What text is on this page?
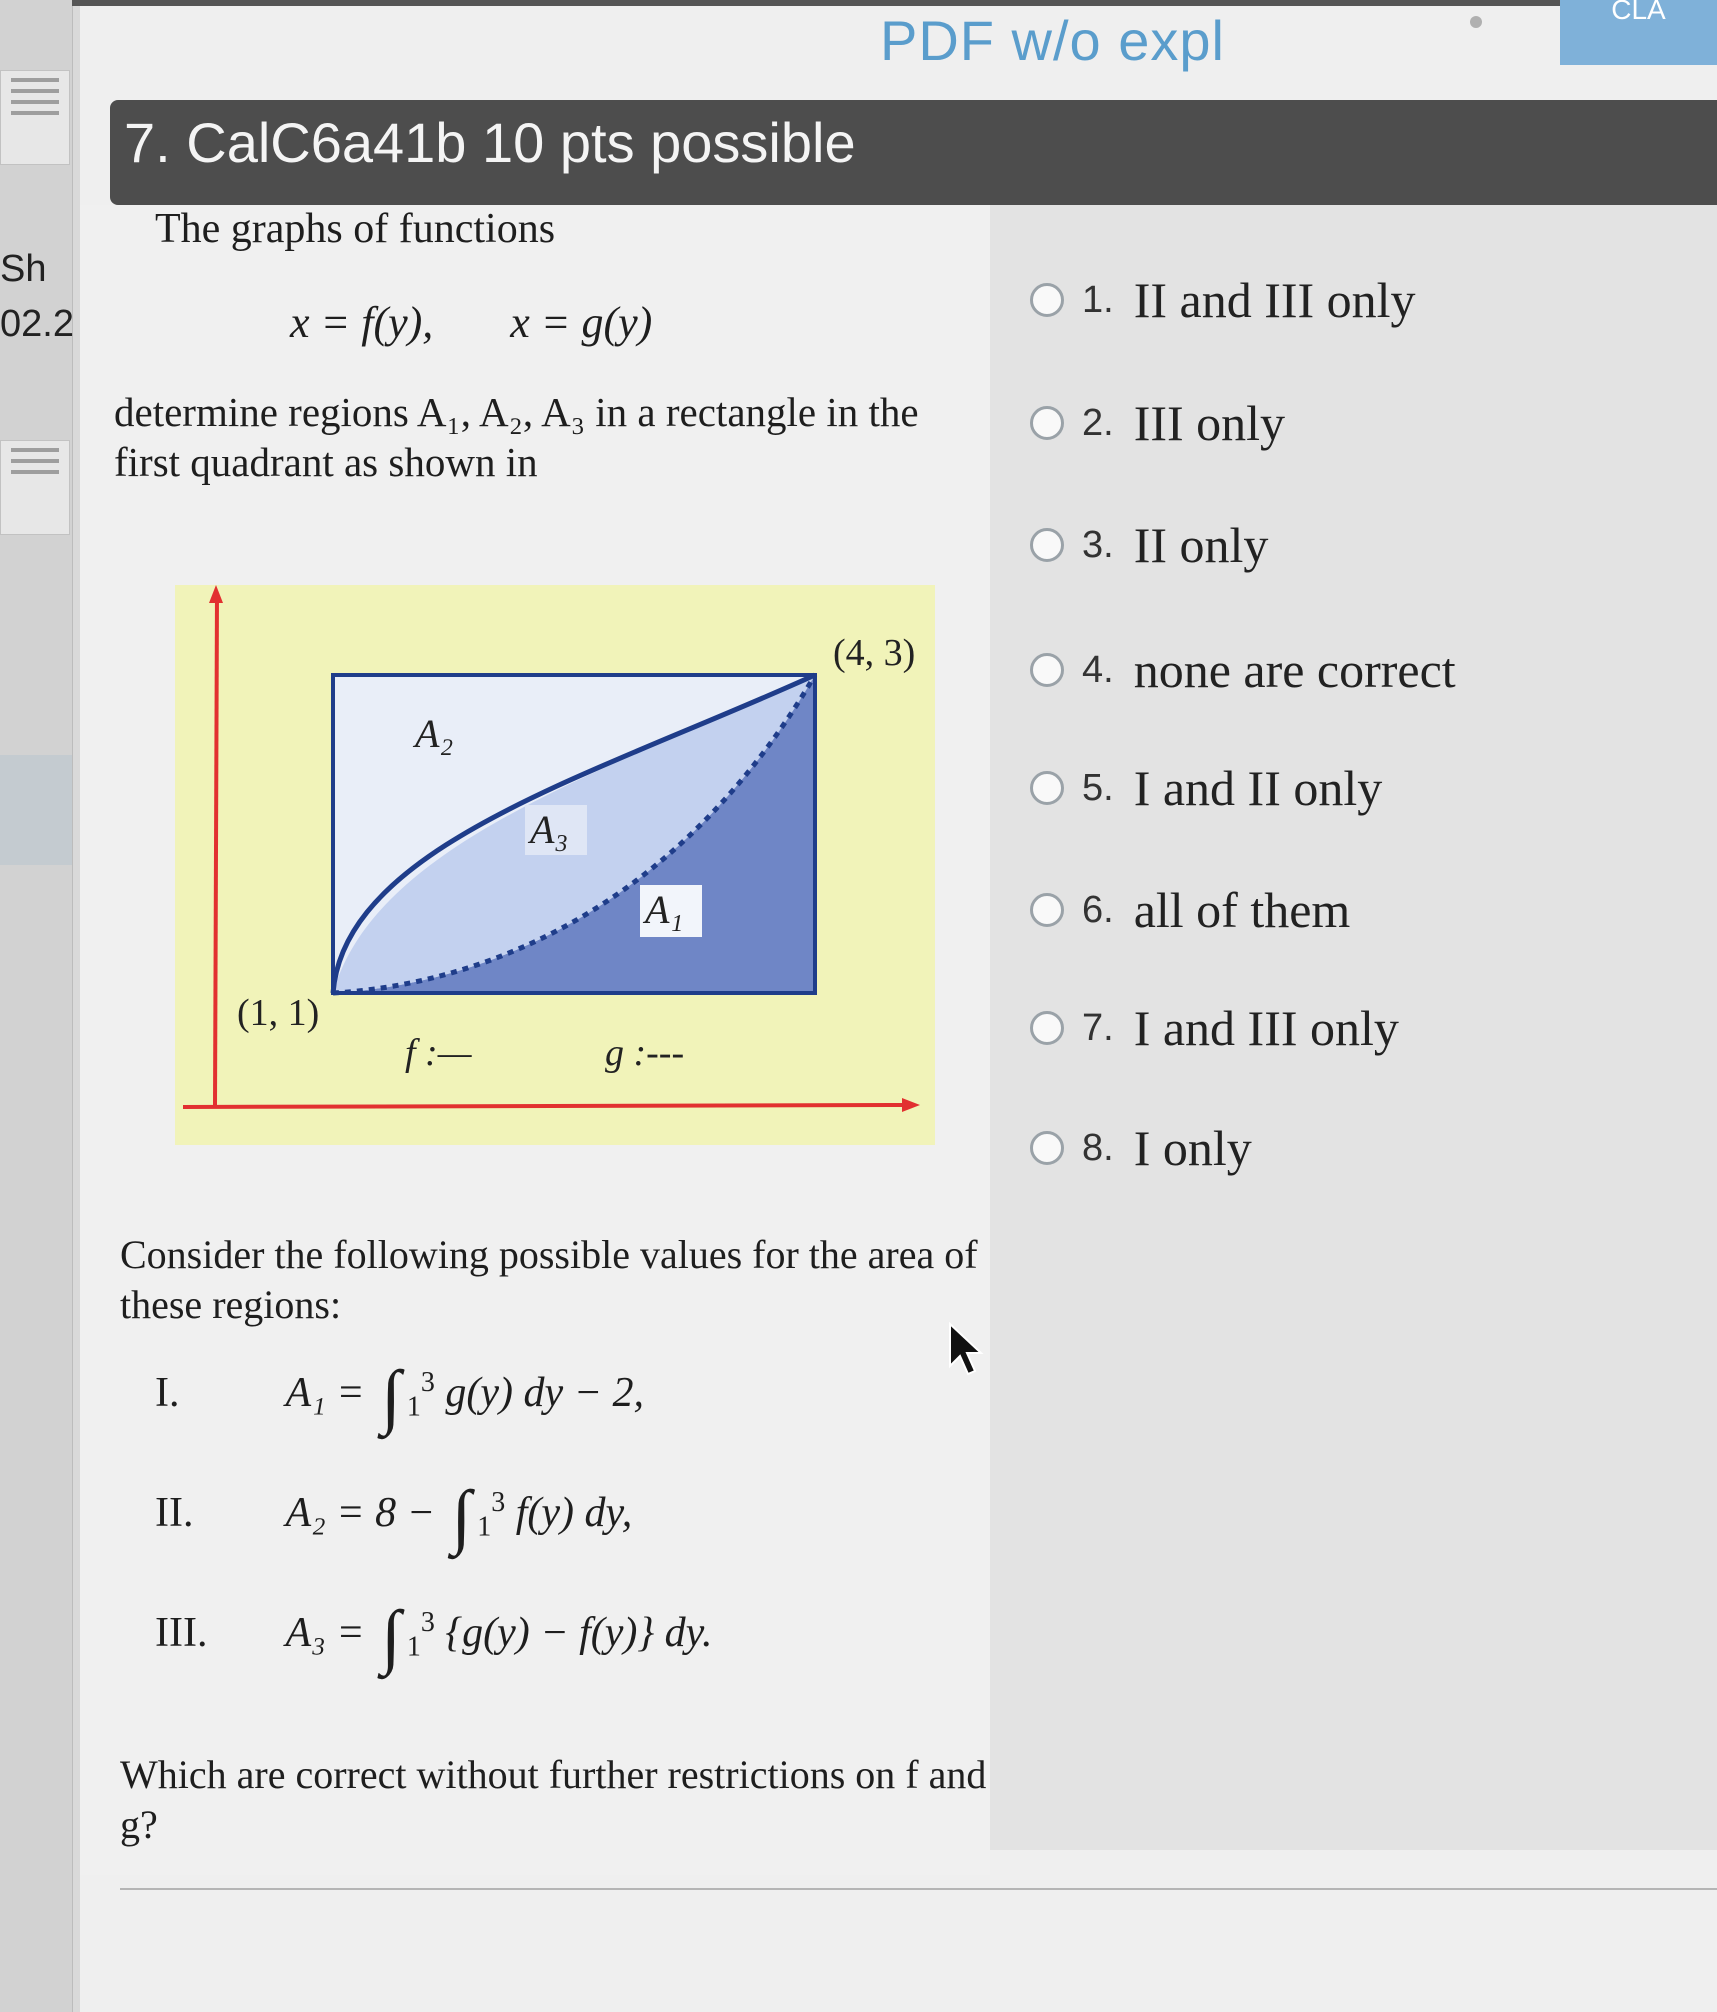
Sh
02.2
CLA
PDF w/o expl
7. CalC6a41b 10 pts possible
The graphs of functions
x = f(y),       x = g(y)
determine regions A₁, A₂, A₃ in a rectangle in the first quadrant as shown in
(4, 3)
(1, 1)
A₂
A₃
A₁
f :—	g :---
Consider the following possible values for the area of these regions:
I.	A₁ = ∫ $_1^3$ g(y) dy − 2,
II. A₂ = 8 − ∫ $_1^3$ f(y) dy,
III. A₃ = ∫ $_1^3$ {g(y) − f(y)} dy.
Which are correct without further restrictions on f and g?
1. II and III only
2. III only
3. II only
4. none are correct
5. I and II only
6. all of them
7. I and III only
8. I only
